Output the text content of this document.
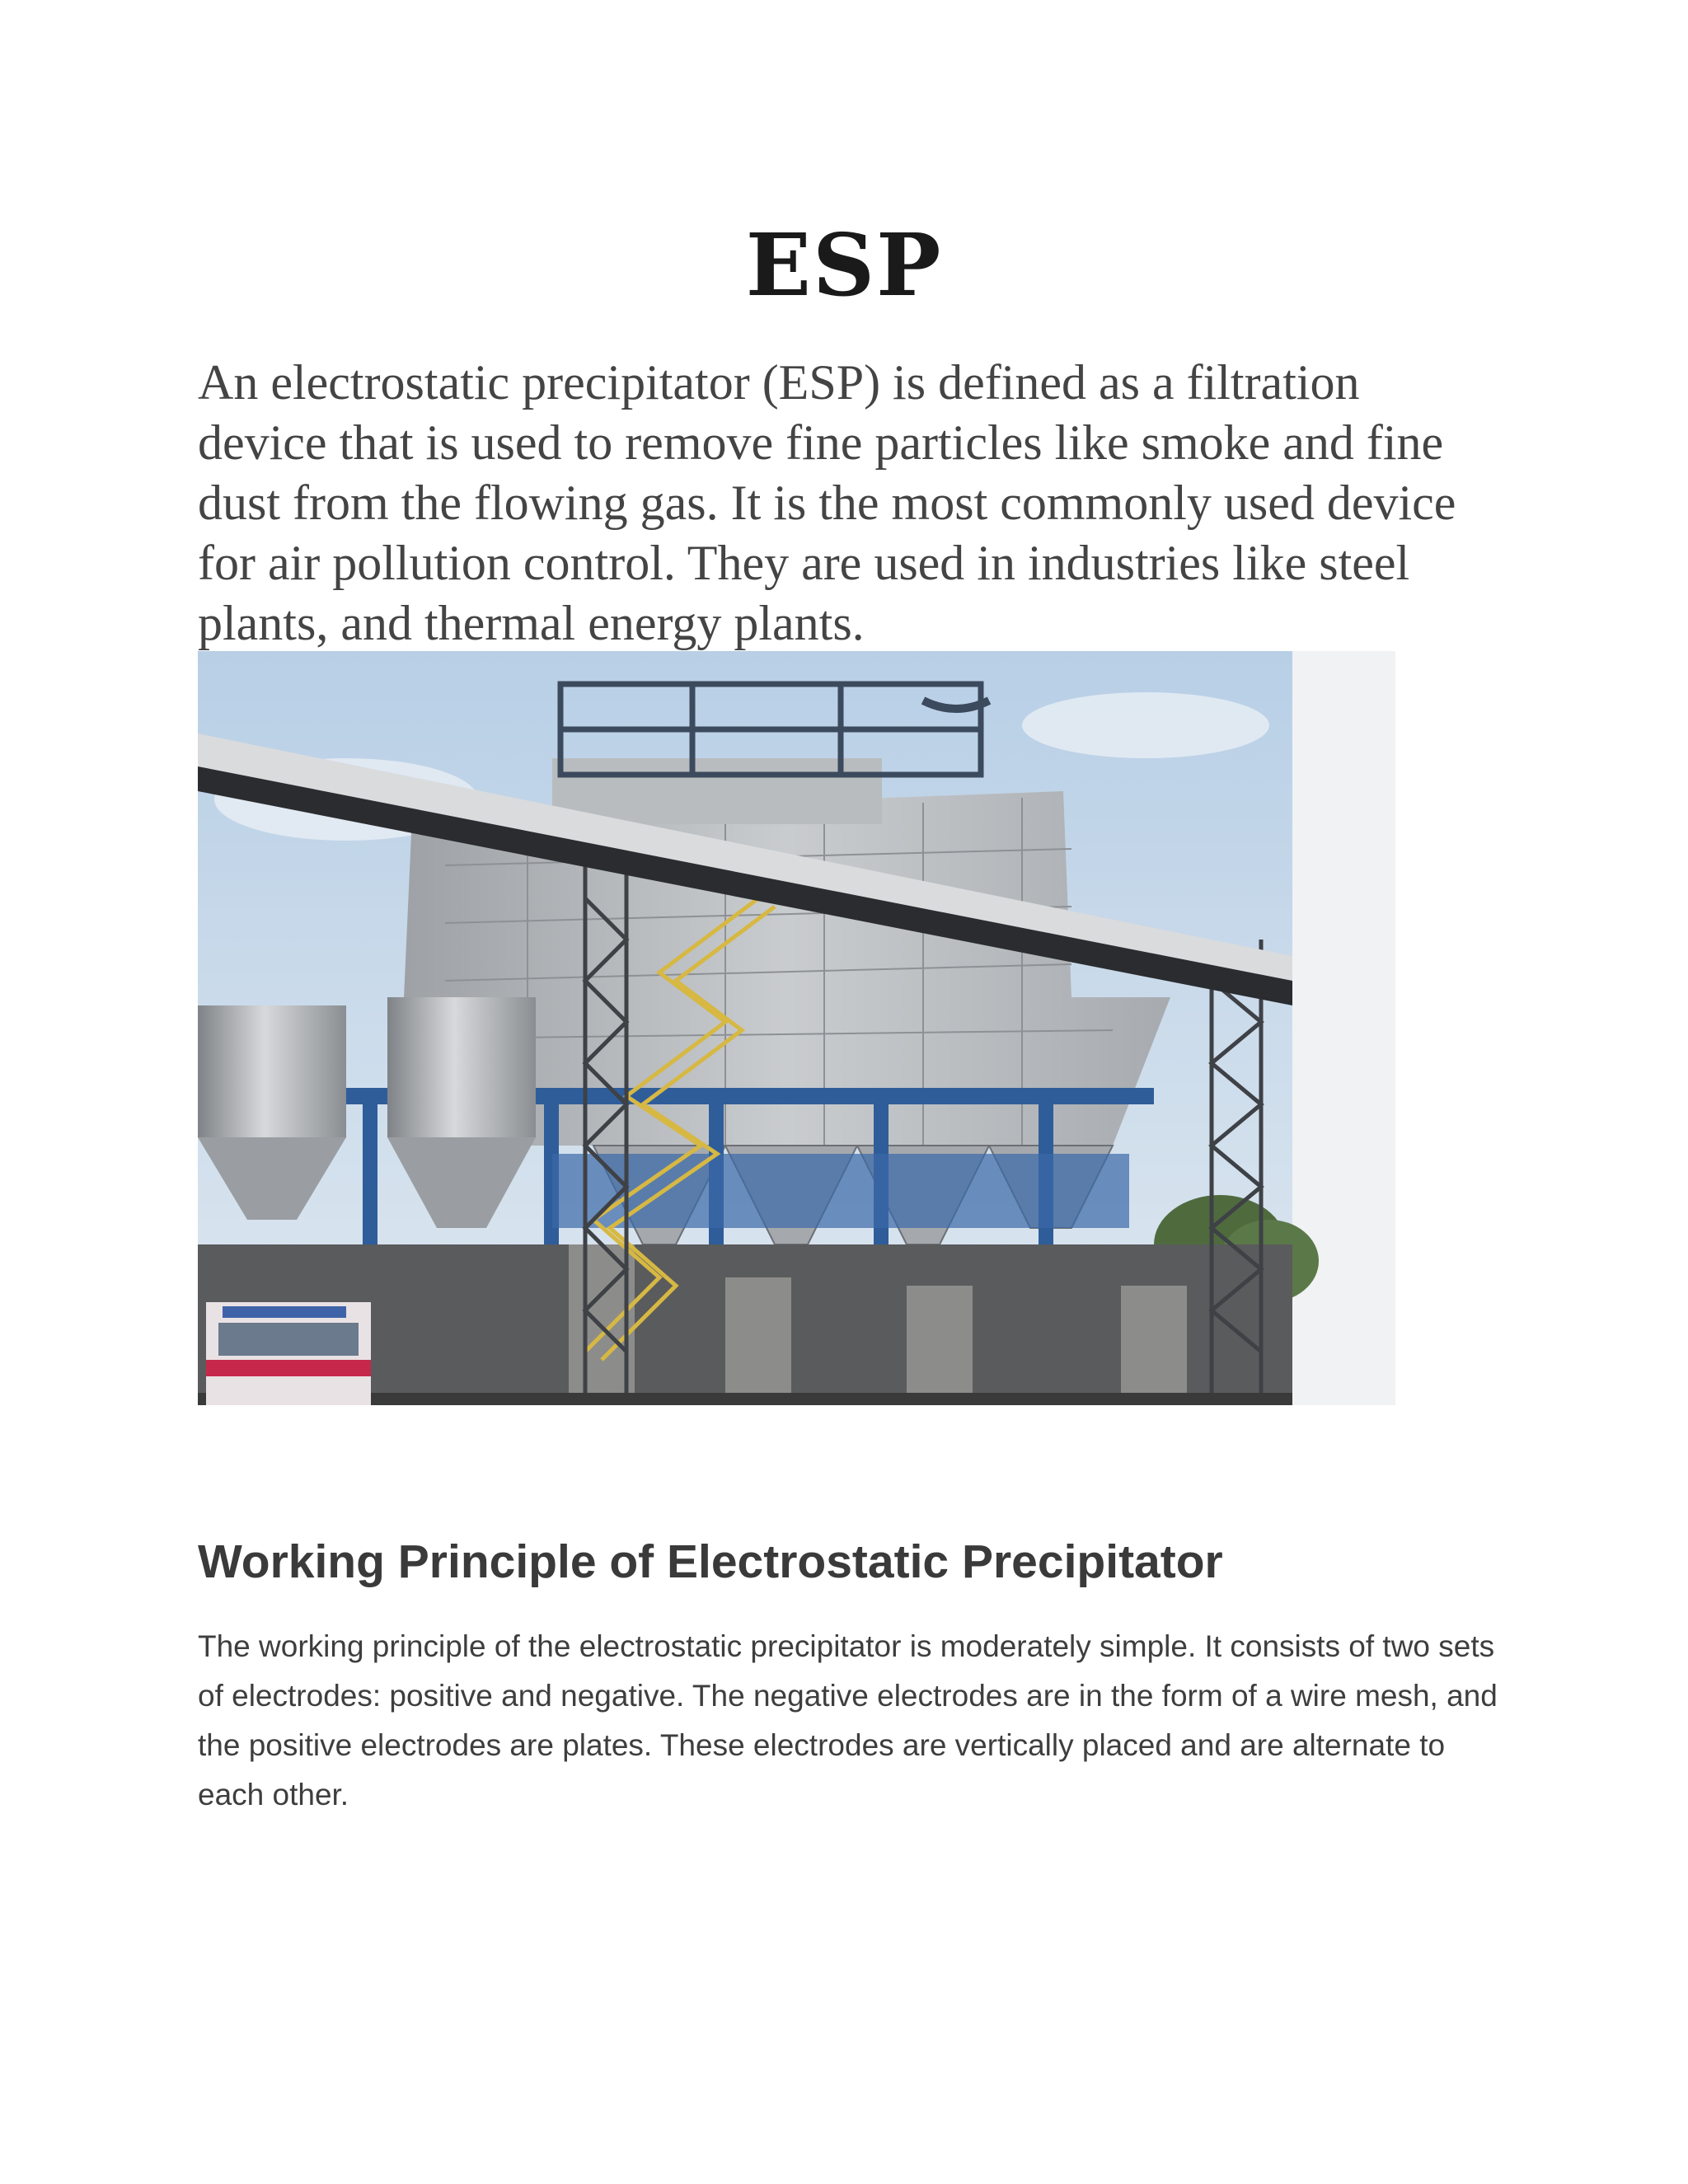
ESP

An electrostatic precipitator (ESP) is defined as a filtration device that is used to remove fine particles like smoke and fine dust from the flowing gas. It is the most commonly used device for air pollution control. They are used in industries like steel plants, and thermal energy plants.

Working Principle of Electrostatic Precipitator

The working principle of the electrostatic precipitator is moderately simple. It consists of two sets of electrodes: positive and negative. The negative electrodes are in the form of a wire mesh, and the positive electrodes are plates. These electrodes are vertically placed and are alternate to each other.
